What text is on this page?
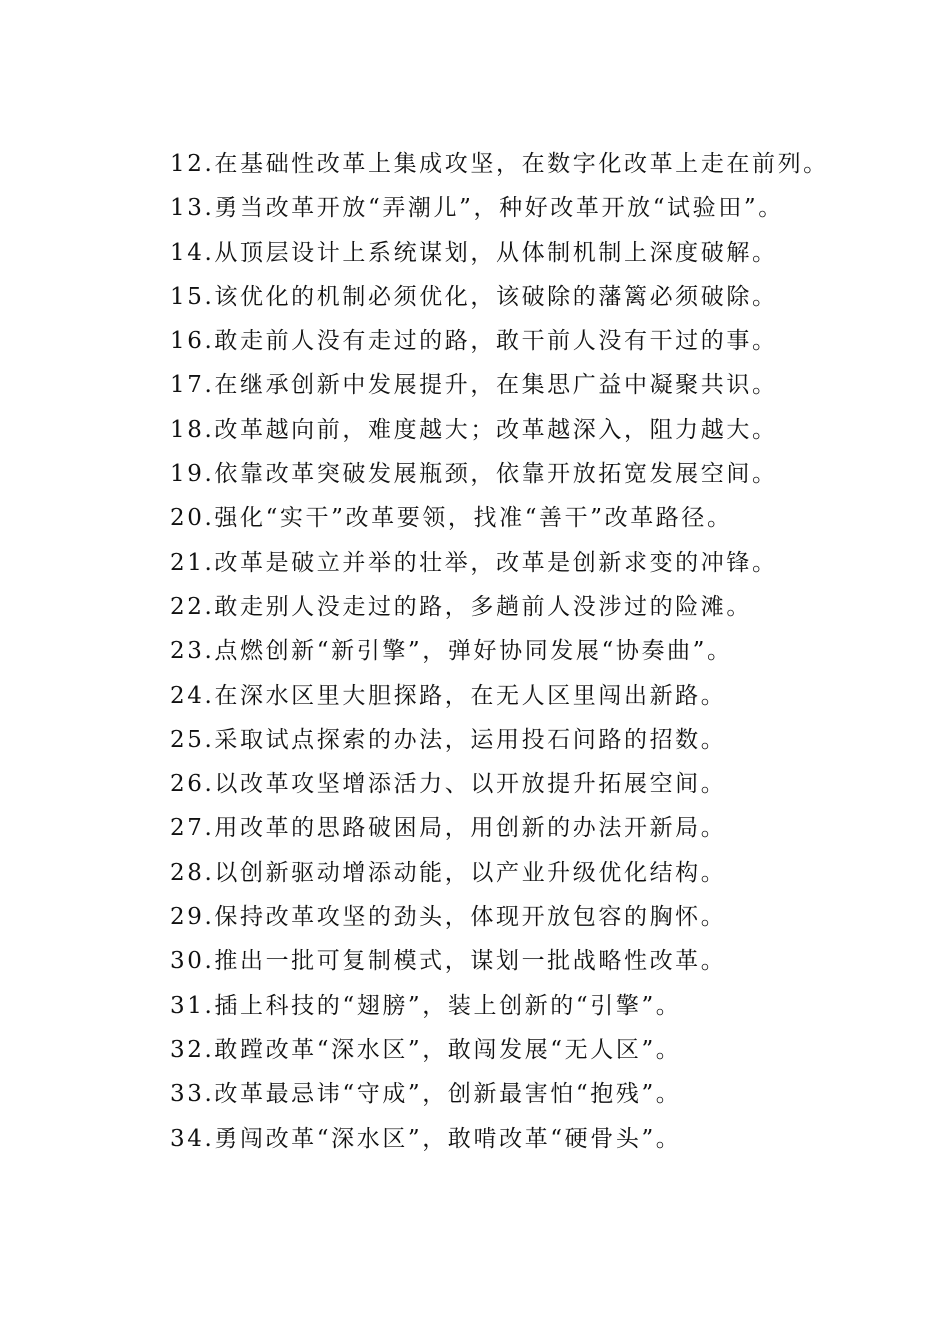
12.在基础性改革上集成攻坚，在数字化改革上走在前列。
13.勇当改革开放“弄潮儿”，种好改革开放“试验田”。
14.从顶层设计上系统谋划，从体制机制上深度破解。
15.该优化的机制必须优化，该破除的藩篱必须破除。
16.敢走前人没有走过的路，敢干前人没有干过的事。
17.在继承创新中发展提升，在集思广益中凝聚共识。
18.改革越向前，难度越大；改革越深入，阻力越大。
19.依靠改革突破发展瓶颈，依靠开放拓宽发展空间。
20.强化“实干”改革要领，找准“善干”改革路径。
21.改革是破立并举的壮举，改革是创新求变的冲锋。
22.敢走别人没走过的路，多趟前人没涉过的险滩。
23.点燃创新“新引擎”，弹好协同发展“协奏曲”。
24.在深水区里大胆探路，在无人区里闯出新路。
25.采取试点探索的办法，运用投石问路的招数。
26.以改革攻坚增添活力、以开放提升拓展空间。
27.用改革的思路破困局，用创新的办法开新局。
28.以创新驱动增添动能，以产业升级优化结构。
29.保持改革攻坚的劲头，体现开放包容的胸怀。
30.推出一批可复制模式，谋划一批战略性改革。
31.插上科技的“翅膀”，装上创新的“引擎”。
32.敢蹚改革“深水区”，敢闯发展“无人区”。
33.改革最忌讳“守成”，创新最害怕“抱残”。
34.勇闯改革“深水区”，敢啃改革“硬骨头”。
